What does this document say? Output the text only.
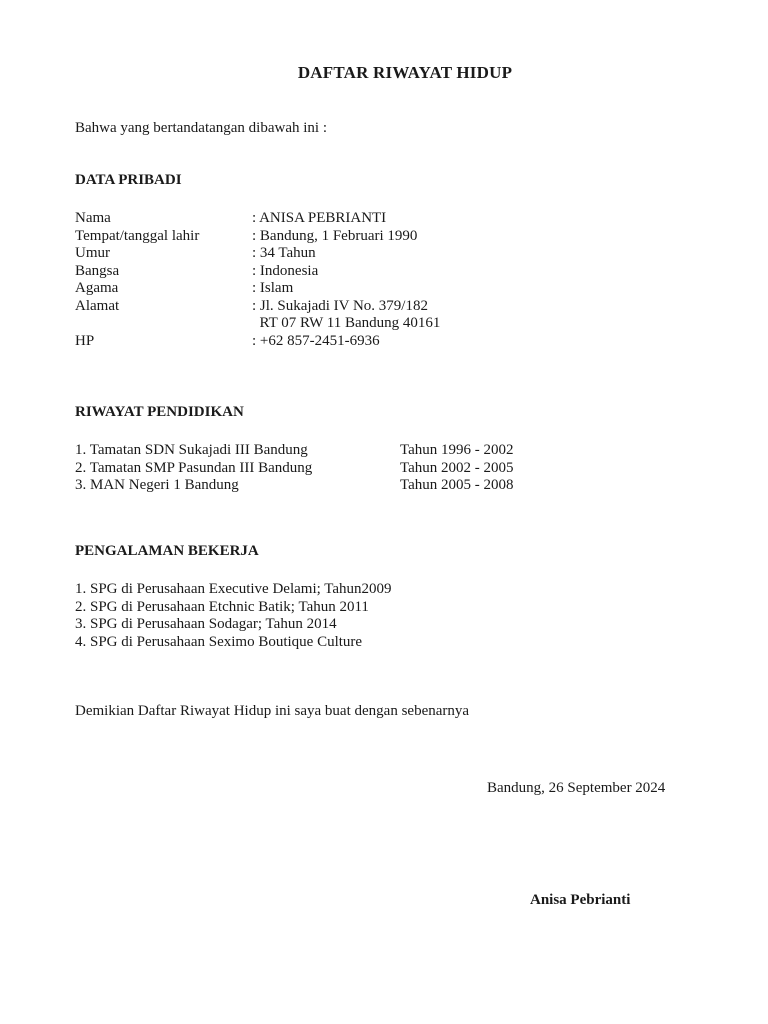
DAFTAR RIWAYAT HIDUP
Bahwa yang bertandatangan dibawah ini :
DATA PRIBADI
Nama	: ANISA PEBRIANTI
Tempat/tanggal lahir	: Bandung, 1 Februari 1990
Umur	: 34 Tahun
Bangsa	: Indonesia
Agama	: Islam
Alamat	: Jl. Sukajadi IV No. 379/182
RT 07 RW 11 Bandung 40161
HP	: +62 857-2451-6936
RIWAYAT PENDIDIKAN
1. Tamatan SDN Sukajadi III Bandung	Tahun 1996 - 2002
2. Tamatan SMP Pasundan III Bandung	Tahun 2002 - 2005
3. MAN Negeri 1 Bandung	Tahun 2005 - 2008
PENGALAMAN BEKERJA
1. SPG di Perusahaan Executive Delami; Tahun2009
2. SPG di Perusahaan Etchnic Batik; Tahun 2011
3. SPG di Perusahaan Sodagar; Tahun 2014
4. SPG di Perusahaan Seximo Boutique Culture
Demikian Daftar Riwayat Hidup ini saya buat dengan sebenarnya
Bandung, 26 September 2024
Anisa Pebrianti
